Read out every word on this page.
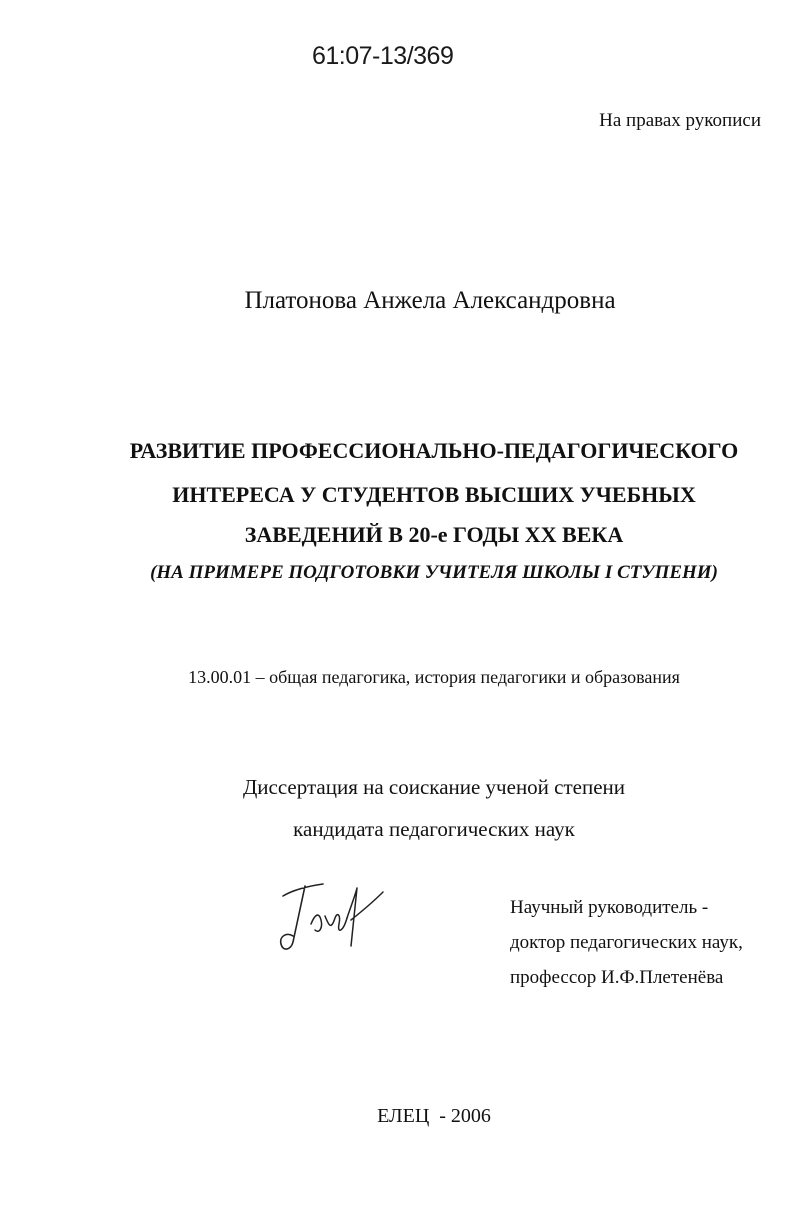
61:07-13/369
На правах рукописи
Платонова Анжела Александровна
РАЗВИТИЕ ПРОФЕССИОНАЛЬНО-ПЕДАГОГИЧЕСКОГО
ИНТЕРЕСА У СТУДЕНТОВ ВЫСШИХ УЧЕБНЫХ
ЗАВЕДЕНИЙ В 20-е ГОДЫ XX ВЕКА
(НА ПРИМЕРЕ ПОДГОТОВКИ УЧИТЕЛЯ ШКОЛЫ I СТУПЕНИ)
13.00.01 – общая педагогика, история педагогики и образования
Диссертация на соискание ученой степени
кандидата педагогических наук
Научный руководитель -
доктор педагогических наук,
профессор И.Ф.Плетенёва
ЕЛЕЦ  - 2006
